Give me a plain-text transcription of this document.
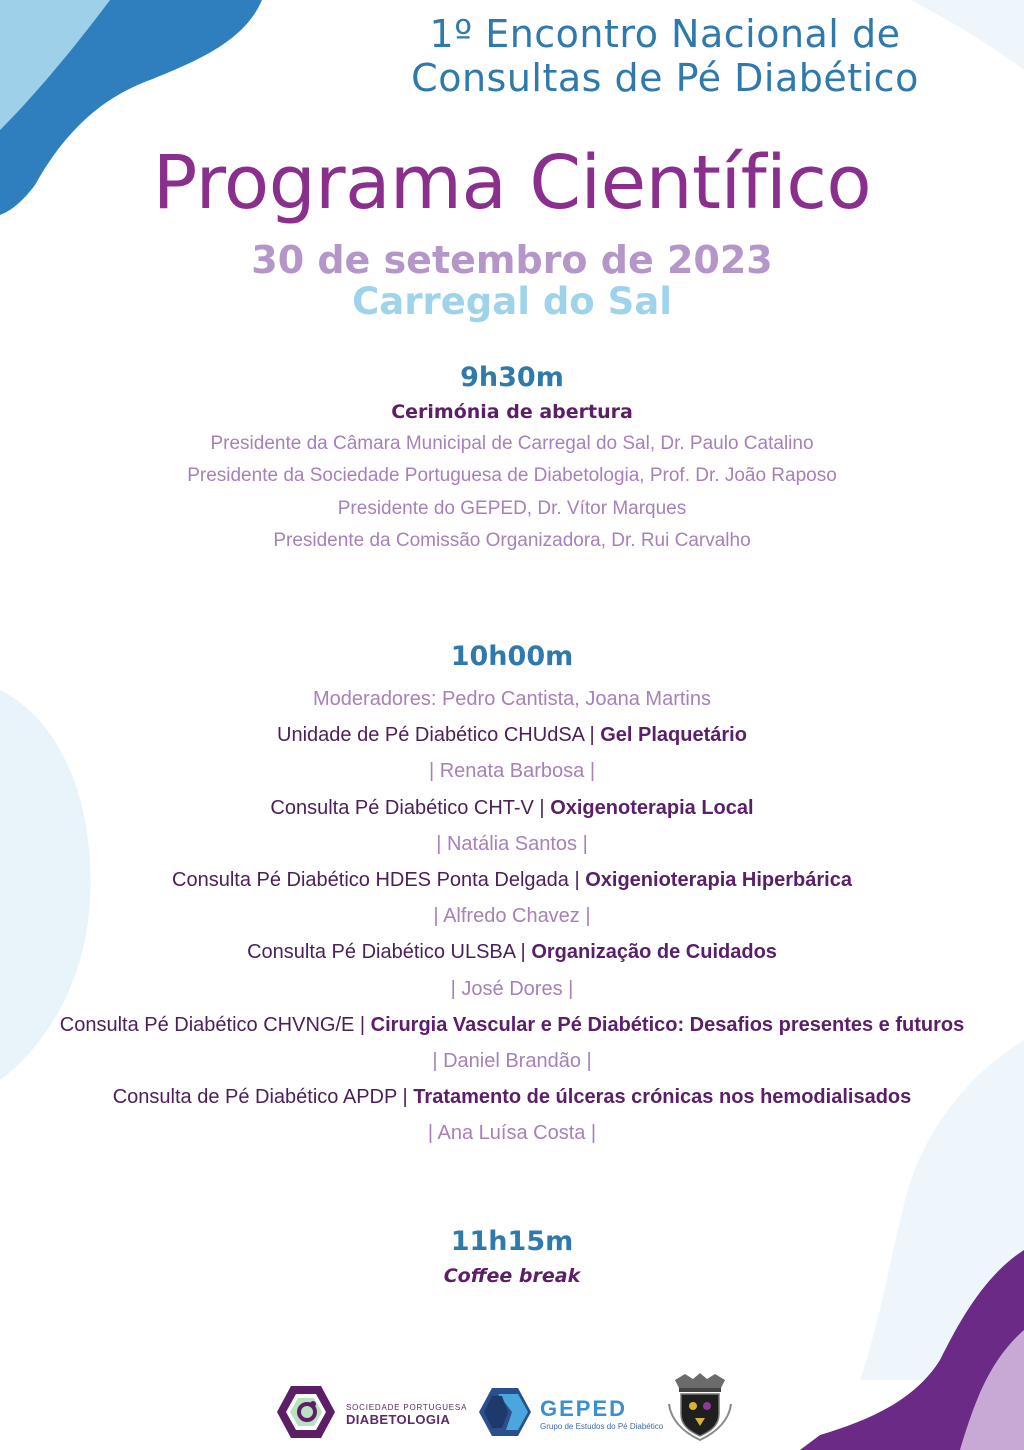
1º Encontro Nacional de
Consultas de Pé Diabético
Programa Científico
30 de setembro de 2023
Carregal do Sal
9h30m
Cerimónia de abertura
Presidente da Câmara Municipal de Carregal do Sal, Dr. Paulo Catalino
Presidente da Sociedade Portuguesa de Diabetologia, Prof. Dr. João Raposo
Presidente do GEPED, Dr. Vítor Marques
Presidente da Comissão Organizadora, Dr. Rui Carvalho
10h00m
Moderadores: Pedro Cantista, Joana Martins
Unidade de Pé Diabético CHUdSA | Gel Plaquetário
| Renata Barbosa |
Consulta Pé Diabético CHT-V | Oxigenoterapia Local
| Natália Santos |
Consulta Pé Diabético HDES Ponta Delgada | Oxigenioterapia Hiperbárica
| Alfredo Chavez |
Consulta Pé Diabético ULSBA | Organização de Cuidados
| José Dores |
Consulta Pé Diabético CHVNG/E | Cirurgia Vascular e Pé Diabético: Desafios presentes e futuros
| Daniel Brandão |
Consulta de Pé Diabético APDP | Tratamento de úlceras crónicas nos hemodialisados
| Ana Luísa Costa |
11h15m
Coffee break
SOCIEDADE PORTUGUESA
DIABETOLOGIA	GEPED
Grupo de Estudos do Pé Diabético
